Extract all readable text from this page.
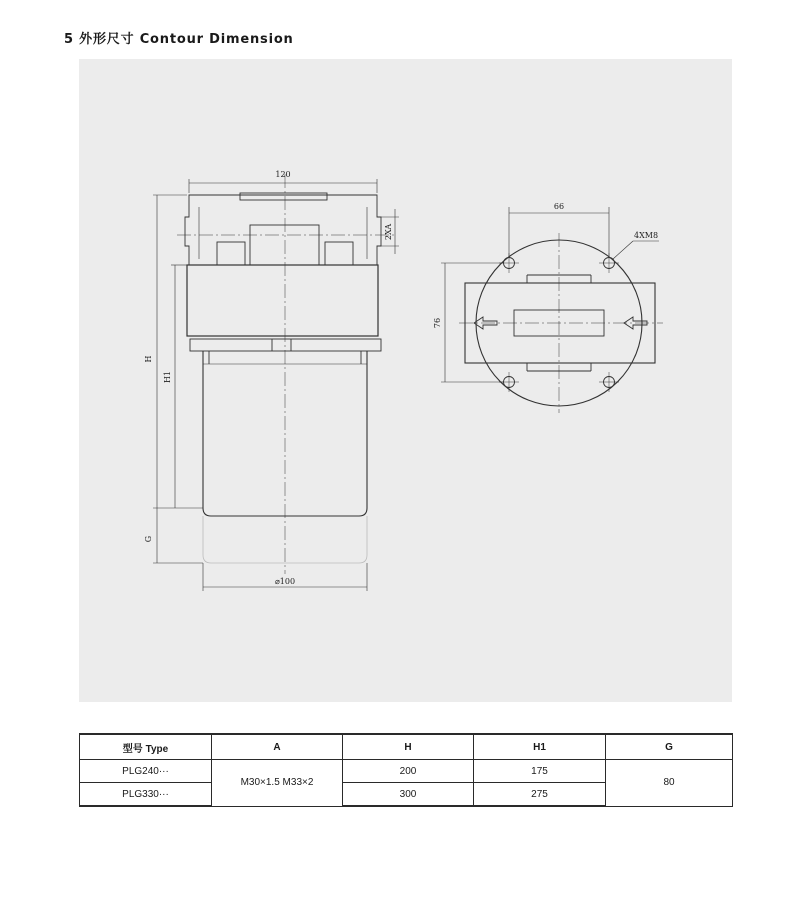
5 外形尺寸 Contour Dimension
120
2XA
H
H1
G
⌀100
66
4XM8
76
型号 Type	A	H	H1	G
PLG240···	M30×1.5 M33×2	200	175	80
PLG330···		300	275	
